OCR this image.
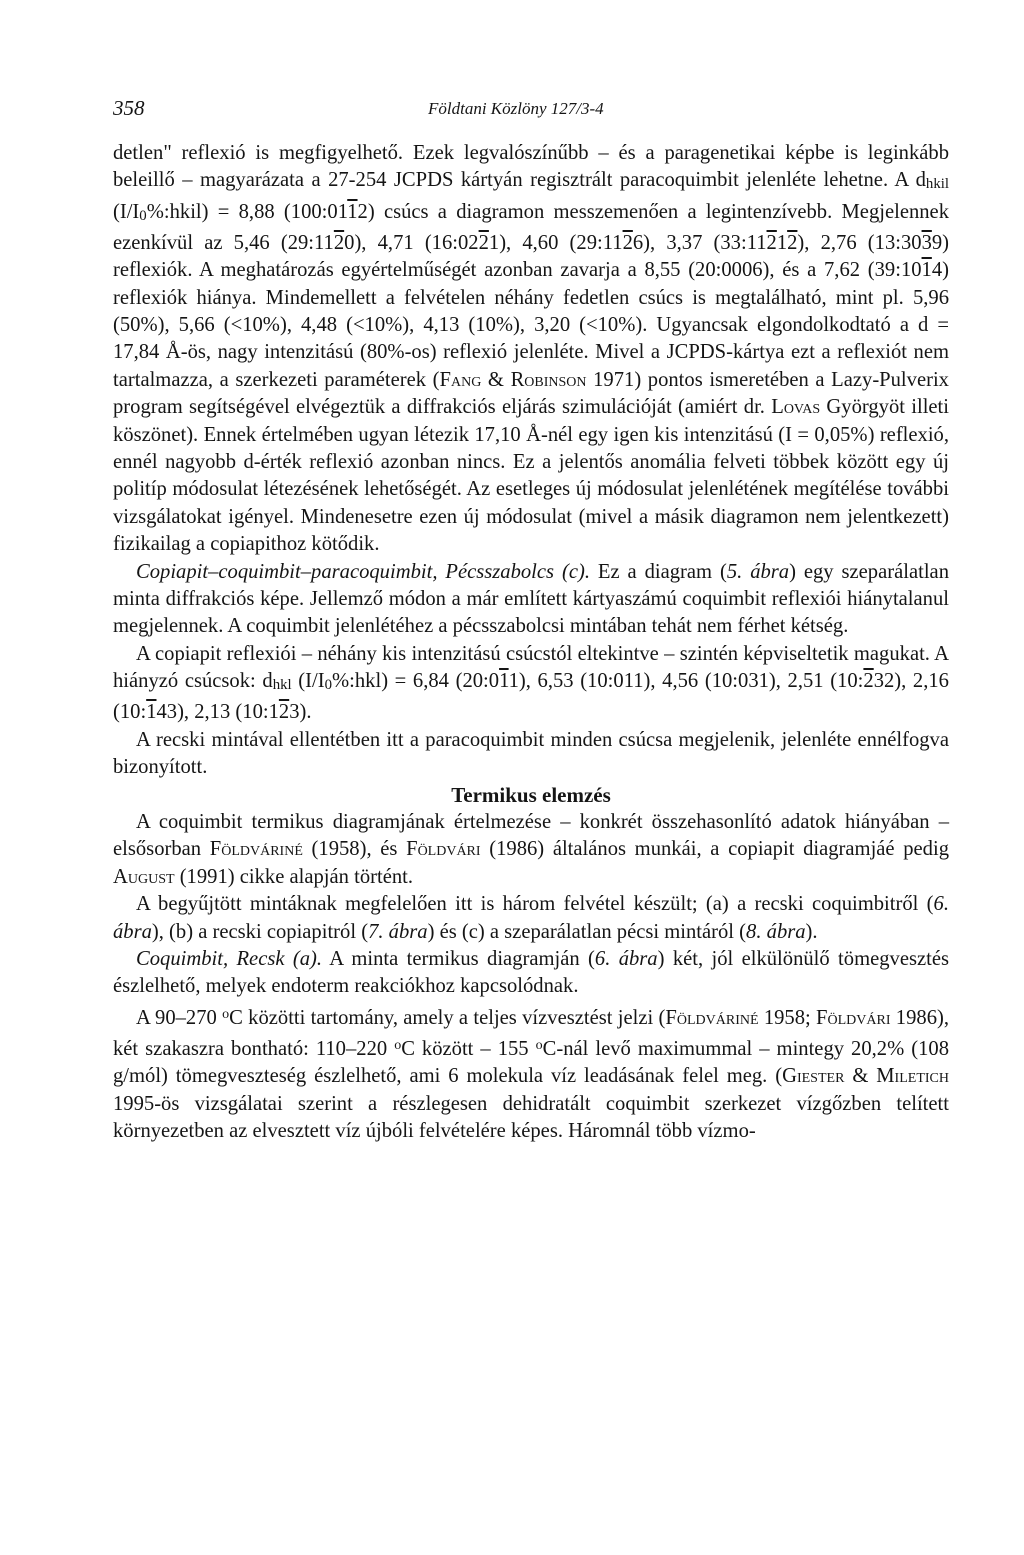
358	Földtani Közlöny 127/3-4

detlen" reflexió is megfigyelhető. Ezek legvalószínűbb – és a paragenetikai képbe is leginkább beleillő – magyarázata a 27-254 JCPDS kártyán regisztrált paracoquimbit jelenléte lehetne. A dhkil (I/I0%:hkil) = 8,88 (100:0112) csúcs a diagramon messzemenően a legintenzívebb. Megjelennek ezenkívül az 5,46 (29:1120), 4,71 (16:0221), 4,60 (29:1126), 3,37 (33:11212), 2,76 (13:3039) reflexiók. A meghatározás egyértelműségét azonban zavarja a 8,55 (20:0006), és a 7,62 (39:1014) reflexiók hiánya. Mindemellett a felvételen néhány fedetlen csúcs is megtalálható, mint pl. 5,96 (50%), 5,66 (<10%), 4,48 (<10%), 4,13 (10%), 3,20 (<10%). Ugyancsak elgondolkodtató a d = 17,84 Å-ös, nagy intenzitású (80%-os) reflexió jelenléte. Mivel a JCPDS-kártya ezt a reflexiót nem tartalmazza, a szerkezeti paraméterek (Fang & Robinson 1971) pontos ismeretében a Lazy-Pulverix program segítségével elvégeztük a diffrakciós eljárás szimulációját (amiért dr. Lovas Györgyöt illeti köszönet). Ennek értelmében ugyan létezik 17,10 Å-nél egy igen kis intenzitású (I = 0,05%) reflexió, ennél nagyobb d-érték reflexió azonban nincs. Ez a jelentős anomália felveti többek között egy új politíp módosulat létezésének lehetőségét. Az esetleges új módosulat jelenlétének megítélése további vizsgálatokat igényel. Mindenesetre ezen új módosulat (mivel a másik diagramon nem jelentkezett) fizikailag a copiapithoz kötődik.

Copiapit–coquimbit–paracoquimbit, Pécsszabolcs (c). Ez a diagram (5. ábra) egy szeparálatlan minta diffrakciós képe. Jellemző módon a már említett kártyaszámú coquimbit reflexiói hiánytalanul megjelennek. A coquimbit jelenlétéhez a pécsszabolcsi mintában tehát nem férhet kétség.

A copiapit reflexiói – néhány kis intenzitású csúcstól eltekintve – szintén képviseltetik magukat. A hiányzó csúcsok: dhkl (I/I0%:hkl) = 6,84 (20:011), 6,53 (10:011), 4,56 (10:031), 2,51 (10:232), 2,16 (10:143), 2,13 (10:123).

A recski mintával ellentétben itt a paracoquimbit minden csúcsa megjelenik, jelenléte ennélfogva bizonyított.

Termikus elemzés

A coquimbit termikus diagramjának értelmezése – konkrét összehasonlító adatok hiányában – elsősorban Földváriné (1958), és Földvári (1986) általános munkái, a copiapit diagramjáé pedig August (1991) cikke alapján történt.

A begyűjtött mintáknak megfelelően itt is három felvétel készült; (a) a recski coquimbitről (6. ábra), (b) a recski copiapitról (7. ábra) és (c) a szeparálatlan pécsi mintáról (8. ábra).

Coquimbit, Recsk (a). A minta termikus diagramján (6. ábra) két, jól elkülönülő tömegvesztés észlelhető, melyek endoterm reakciókhoz kapcsolódnak.

A 90–270 $^o$C közötti tartomány, amely a teljes vízvesztést jelzi (Földváriné 1958; Földvári 1986), két szakaszra bontható: 110–220 $^o$C között – 155 $^o$C-nál levő maximummal – mintegy 20,2% (108 g/mól) tömegveszteség észlelhető, ami 6 molekula víz leadásának felel meg. (Giester & Miletich 1995-ös vizsgálatai szerint a részlegesen dehidratált coquimbit szerkezet vízgőzben telített környezetben az elvesztett víz újbóli felvételére képes. Háromnál több vízmo-
